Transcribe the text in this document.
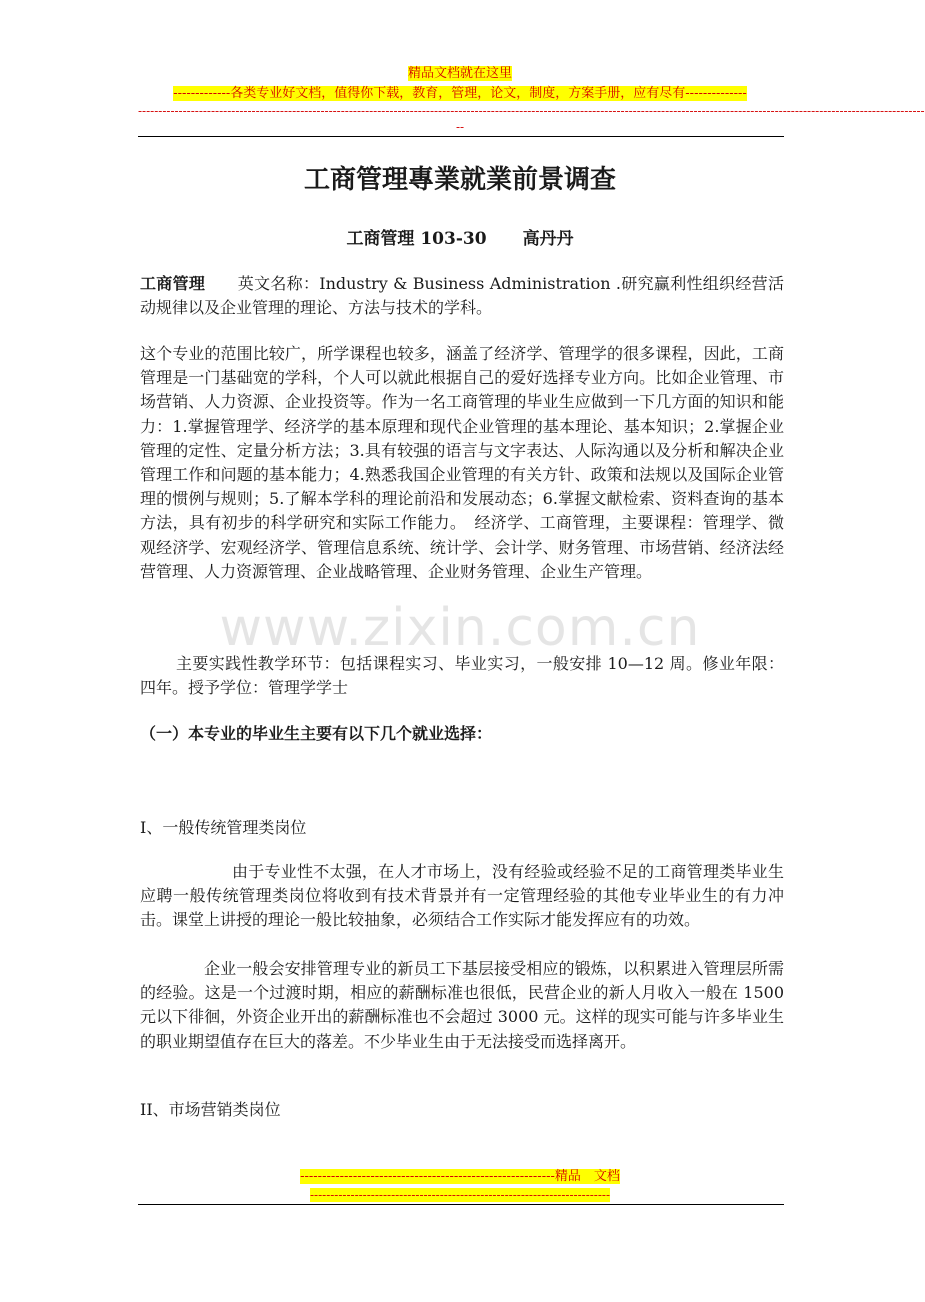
精品文档就在这里
-------------各类专业好文档，值得你下载，教育，管理，论文，制度，方案手册，应有尽有--------------
--------------------------------------------------------------------------------------------------------------------------------------------------------------------------------------------------
--
www.zixin.com.cn
工商管理專業就業前景调查
工商管理 103-30 高丹丹
工商管理　　 英文名称：Industry & Business Administration .研究赢利性组织经营活动规律以及企业管理的理论、方法与技术的学科。
这个专业的范围比较广，所学课程也较多，涵盖了经济学、管理学的很多课程，因此，工商管理是一门基础宽的学科，个人可以就此根据自己的爱好选择专业方向。比如企业管理、市场营销、人力资源、企业投资等。作为一名工商管理的毕业生应做到一下几方面的知识和能力：1.掌握管理学、经济学的基本原理和现代企业管理的基本理论、基本知识；2.掌握企业管理的定性、定量分析方法；3.具有较强的语言与文字表达、人际沟通以及分析和解决企业管理工作和问题的基本能力；4.熟悉我国企业管理的有关方针、政策和法规以及国际企业管理的惯例与规则；5.了解本学科的理论前沿和发展动态；6.掌握文献检索、资料查询的基本方法，具有初步的科学研究和实际工作能力。　经济学、工商管理，主要课程：管理学、微观经济学、宏观经济学、管理信息系统、统计学、会计学、财务管理、市场营销、经济法经营管理、人力资源管理、企业战略管理、企业财务管理、企业生产管理。
主要实践性教学环节：包括课程实习、毕业实习，一般安排 10—12 周。修业年限：四年。授予学位：管理学学士
（一）本专业的毕业生主要有以下几个就业选择：
I、一般传统管理类岗位
由于专业性不太强，在人才市场上，没有经验或经验不足的工商管理类毕业生应聘一般传统管理类岗位将收到有技术背景并有一定管理经验的其他专业毕业生的有力冲击。课堂上讲授的理论一般比较抽象，必须结合工作实际才能发挥应有的功效。
企业一般会安排管理专业的新员工下基层接受相应的锻炼，以积累进入管理层所需的经验。这是一个过渡时期，相应的薪酬标准也很低，民营企业的新人月收入一般在 1500 元以下徘徊，外资企业开出的薪酬标准也不会超过 3000 元。这样的现实可能与许多毕业生的职业期望值存在巨大的落差。不少毕业生由于无法接受而选择离开。
II、市场营销类岗位
----------------------------------------------------------精品　文档
--------------------------------------------------------------------------
